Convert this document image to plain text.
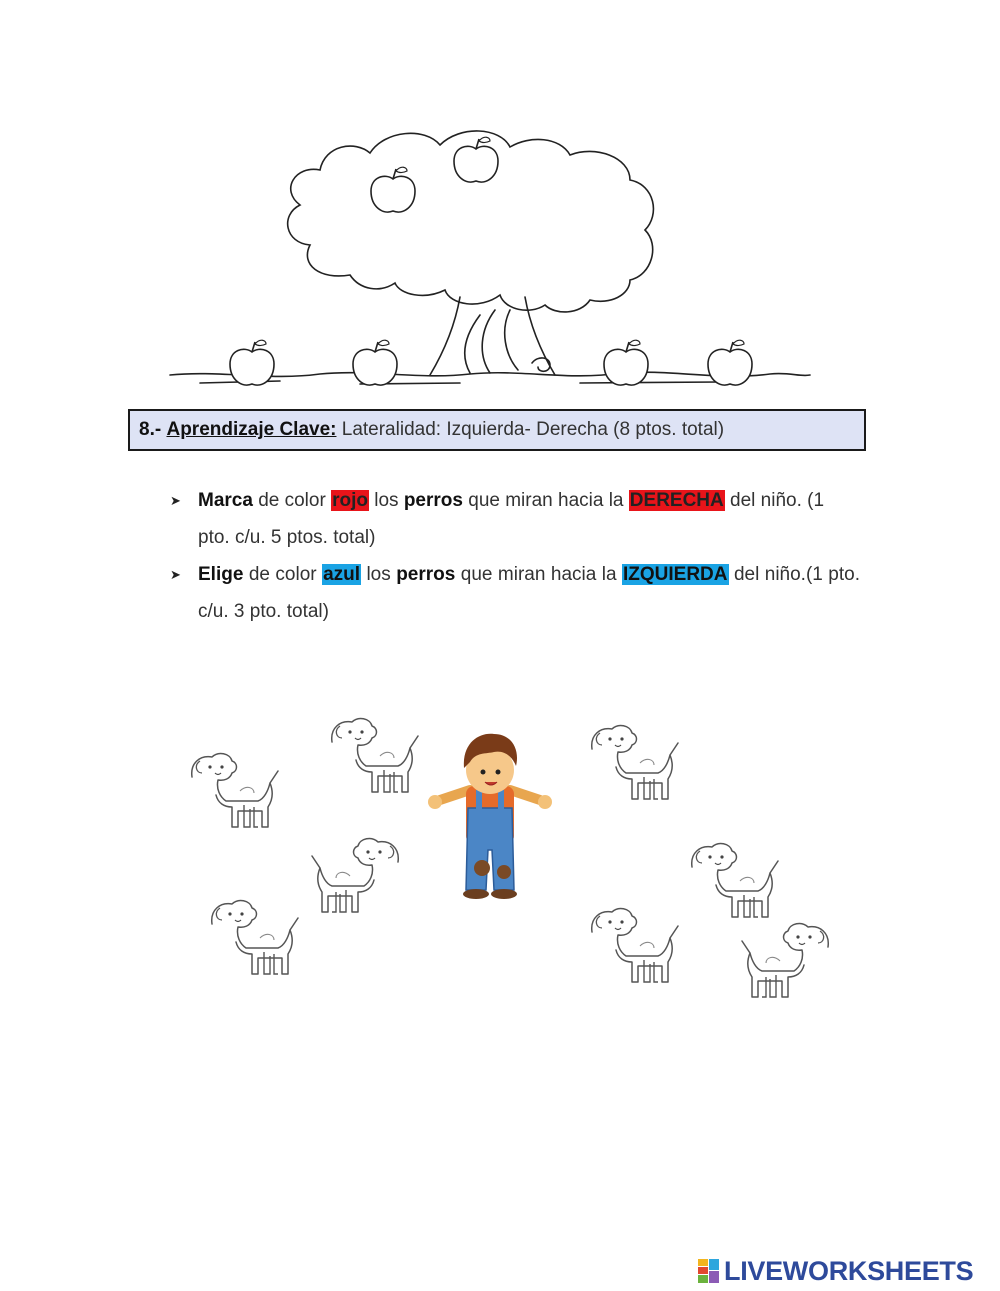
8.- Aprendizaje Clave: Lateralidad: Izquierda- Derecha (8 ptos. total)
➤ Marca de color rojo los perros que miran hacia la DERECHA del niño. (1 pto. c/u. 5 ptos. total)
➤ Elige de color azul los perros que miran hacia la IZQUIERDA del niño.(1 pto. c/u. 3 pto. total)
LIVEWORKSHEETS
